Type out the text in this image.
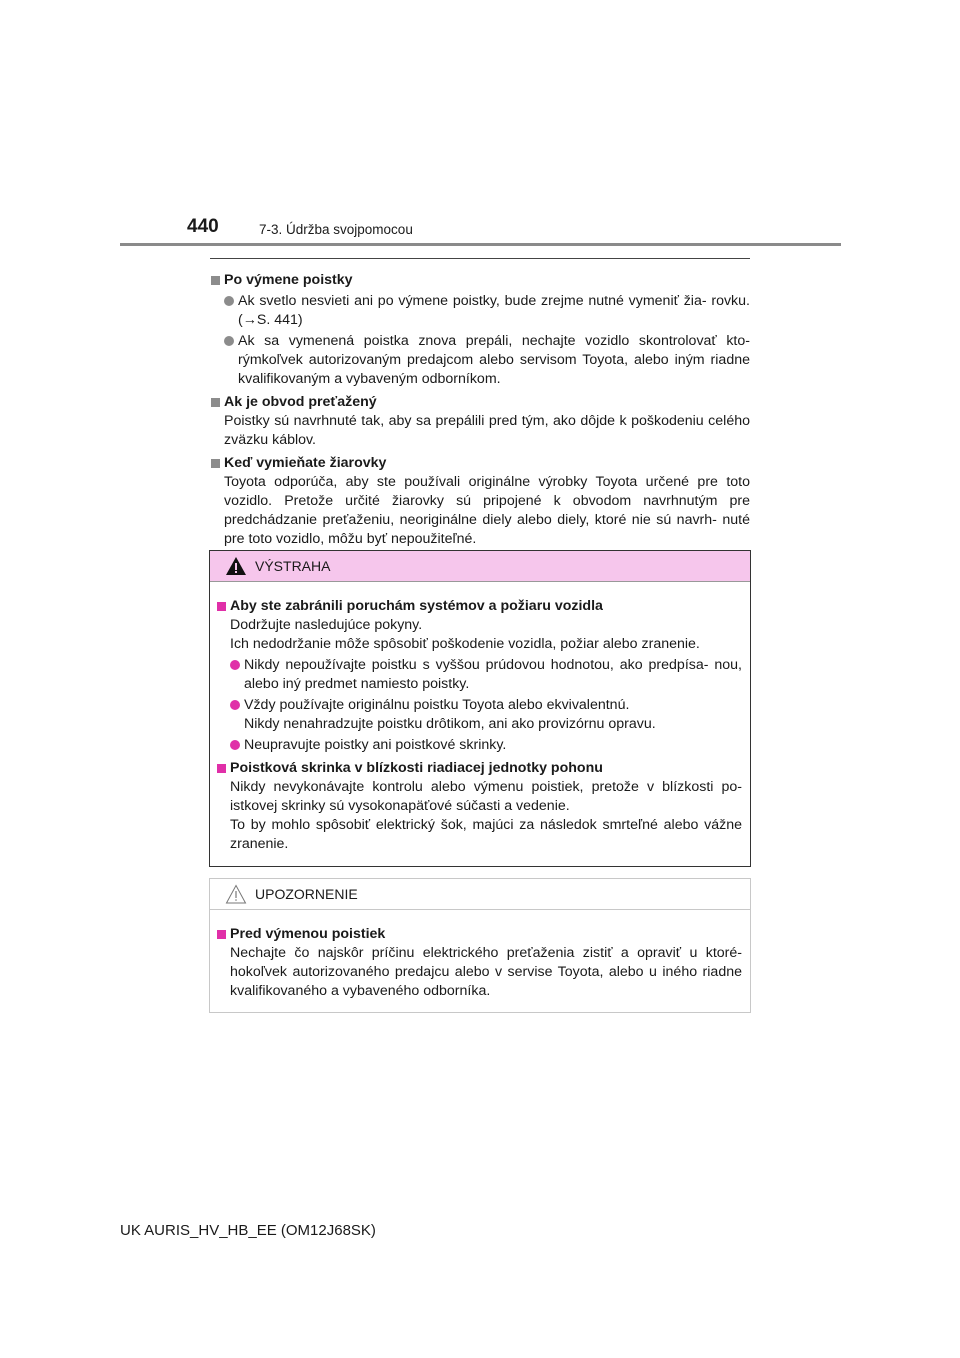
440	7-3. Údržba svojpomocou
Po výmene poistky
Ak svetlo nesvieti ani po výmene poistky, bude zrejme nutné vymeniť žia- rovku. (→S. 441)
Ak sa vymenená poistka znova prepáli, nechajte vozidlo skontrolovať kto- rýmkoľvek autorizovaným predajcom alebo servisom Toyota, alebo iným riadne kvalifikovaným a vybaveným odborníkom.
Ak je obvod preťažený
Poistky sú navrhnuté tak, aby sa prepálili pred tým, ako dôjde k poškodeniu celého zväzku káblov.
Keď vymieňate žiarovky
Toyota odporúča, aby ste používali originálne výrobky Toyota určené pre toto vozidlo. Pretože určité žiarovky sú pripojené k obvodom navrhnutým pre predchádzanie preťaženiu, neoriginálne diely alebo diely, ktoré nie sú navrh- nuté pre toto vozidlo, môžu byť nepoužiteľné.
VÝSTRAHA
Aby ste zabránili poruchám systémov a požiaru vozidla
Dodržujte nasledujúce pokyny.
Ich nedodržanie môže spôsobiť poškodenie vozidla, požiar alebo zranenie.
Nikdy nepoužívajte poistku s vyššou prúdovou hodnotou, ako predpísa- nou, alebo iný predmet namiesto poistky.
Vždy používajte originálnu poistku Toyota alebo ekvivalentnú.
Nikdy nenahradzujte poistku drôtikom, ani ako provizórnu opravu.
Neupravujte poistky ani poistkové skrinky.
Poistková skrinka v blízkosti riadiacej jednotky pohonu
Nikdy nevykonávajte kontrolu alebo výmenu poistiek, pretože v blízkosti po- istkovej skrinky sú vysokonapäťové súčasti a vedenie.
To by mohlo spôsobiť elektrický šok, majúci za následok smrteľné alebo vážne zranenie.
UPOZORNENIE
Pred výmenou poistiek
Nechajte čo najskôr príčinu elektrického preťaženia zistiť a opraviť u ktoré- hokoľvek autorizovaného predajcu alebo v servise Toyota, alebo u iného riadne kvalifikovaného a vybaveného odborníka.
UK AURIS_HV_HB_EE (OM12J68SK)
